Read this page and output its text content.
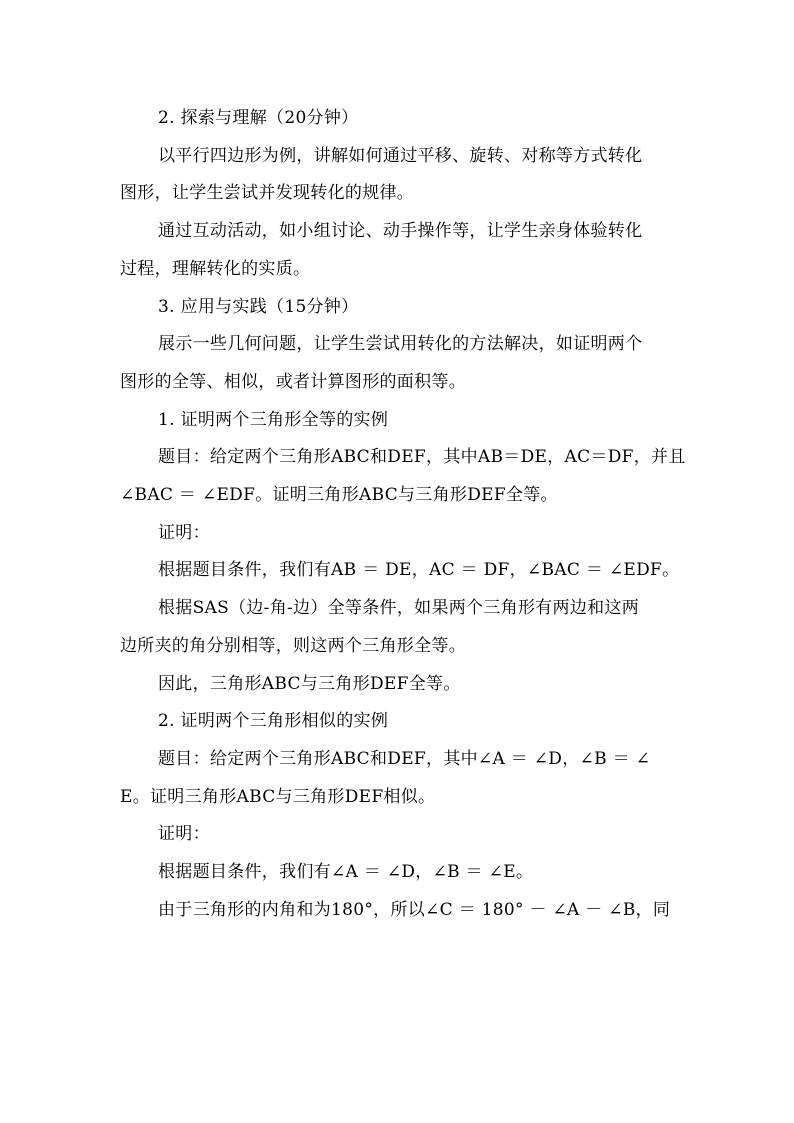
2. 探索与理解（20分钟）
以平行四边形为例，讲解如何通过平移、旋转、对称等方式转化
图形，让学生尝试并发现转化的规律。
通过互动活动，如小组讨论、动手操作等，让学生亲身体验转化
过程，理解转化的实质。
3. 应用与实践（15分钟）
展示一些几何问题，让学生尝试用转化的方法解决，如证明两个
图形的全等、相似，或者计算图形的面积等。
1. 证明两个三角形全等的实例
题目：给定两个三角形ABC和DEF，其中AB＝DE，AC＝DF，并且
∠BAC ＝ ∠EDF。证明三角形ABC与三角形DEF全等。
证明：
根据题目条件，我们有AB ＝ DE，AC ＝ DF，∠BAC ＝ ∠EDF。
根据SAS（边-角-边）全等条件，如果两个三角形有两边和这两
边所夹的角分别相等，则这两个三角形全等。
因此，三角形ABC与三角形DEF全等。
2. 证明两个三角形相似的实例
题目：给定两个三角形ABC和DEF，其中∠A ＝ ∠D，∠B ＝ ∠
E。证明三角形ABC与三角形DEF相似。
证明：
根据题目条件，我们有∠A ＝ ∠D，∠B ＝ ∠E。
由于三角形的内角和为180°，所以∠C ＝ 180° － ∠A － ∠B，同
